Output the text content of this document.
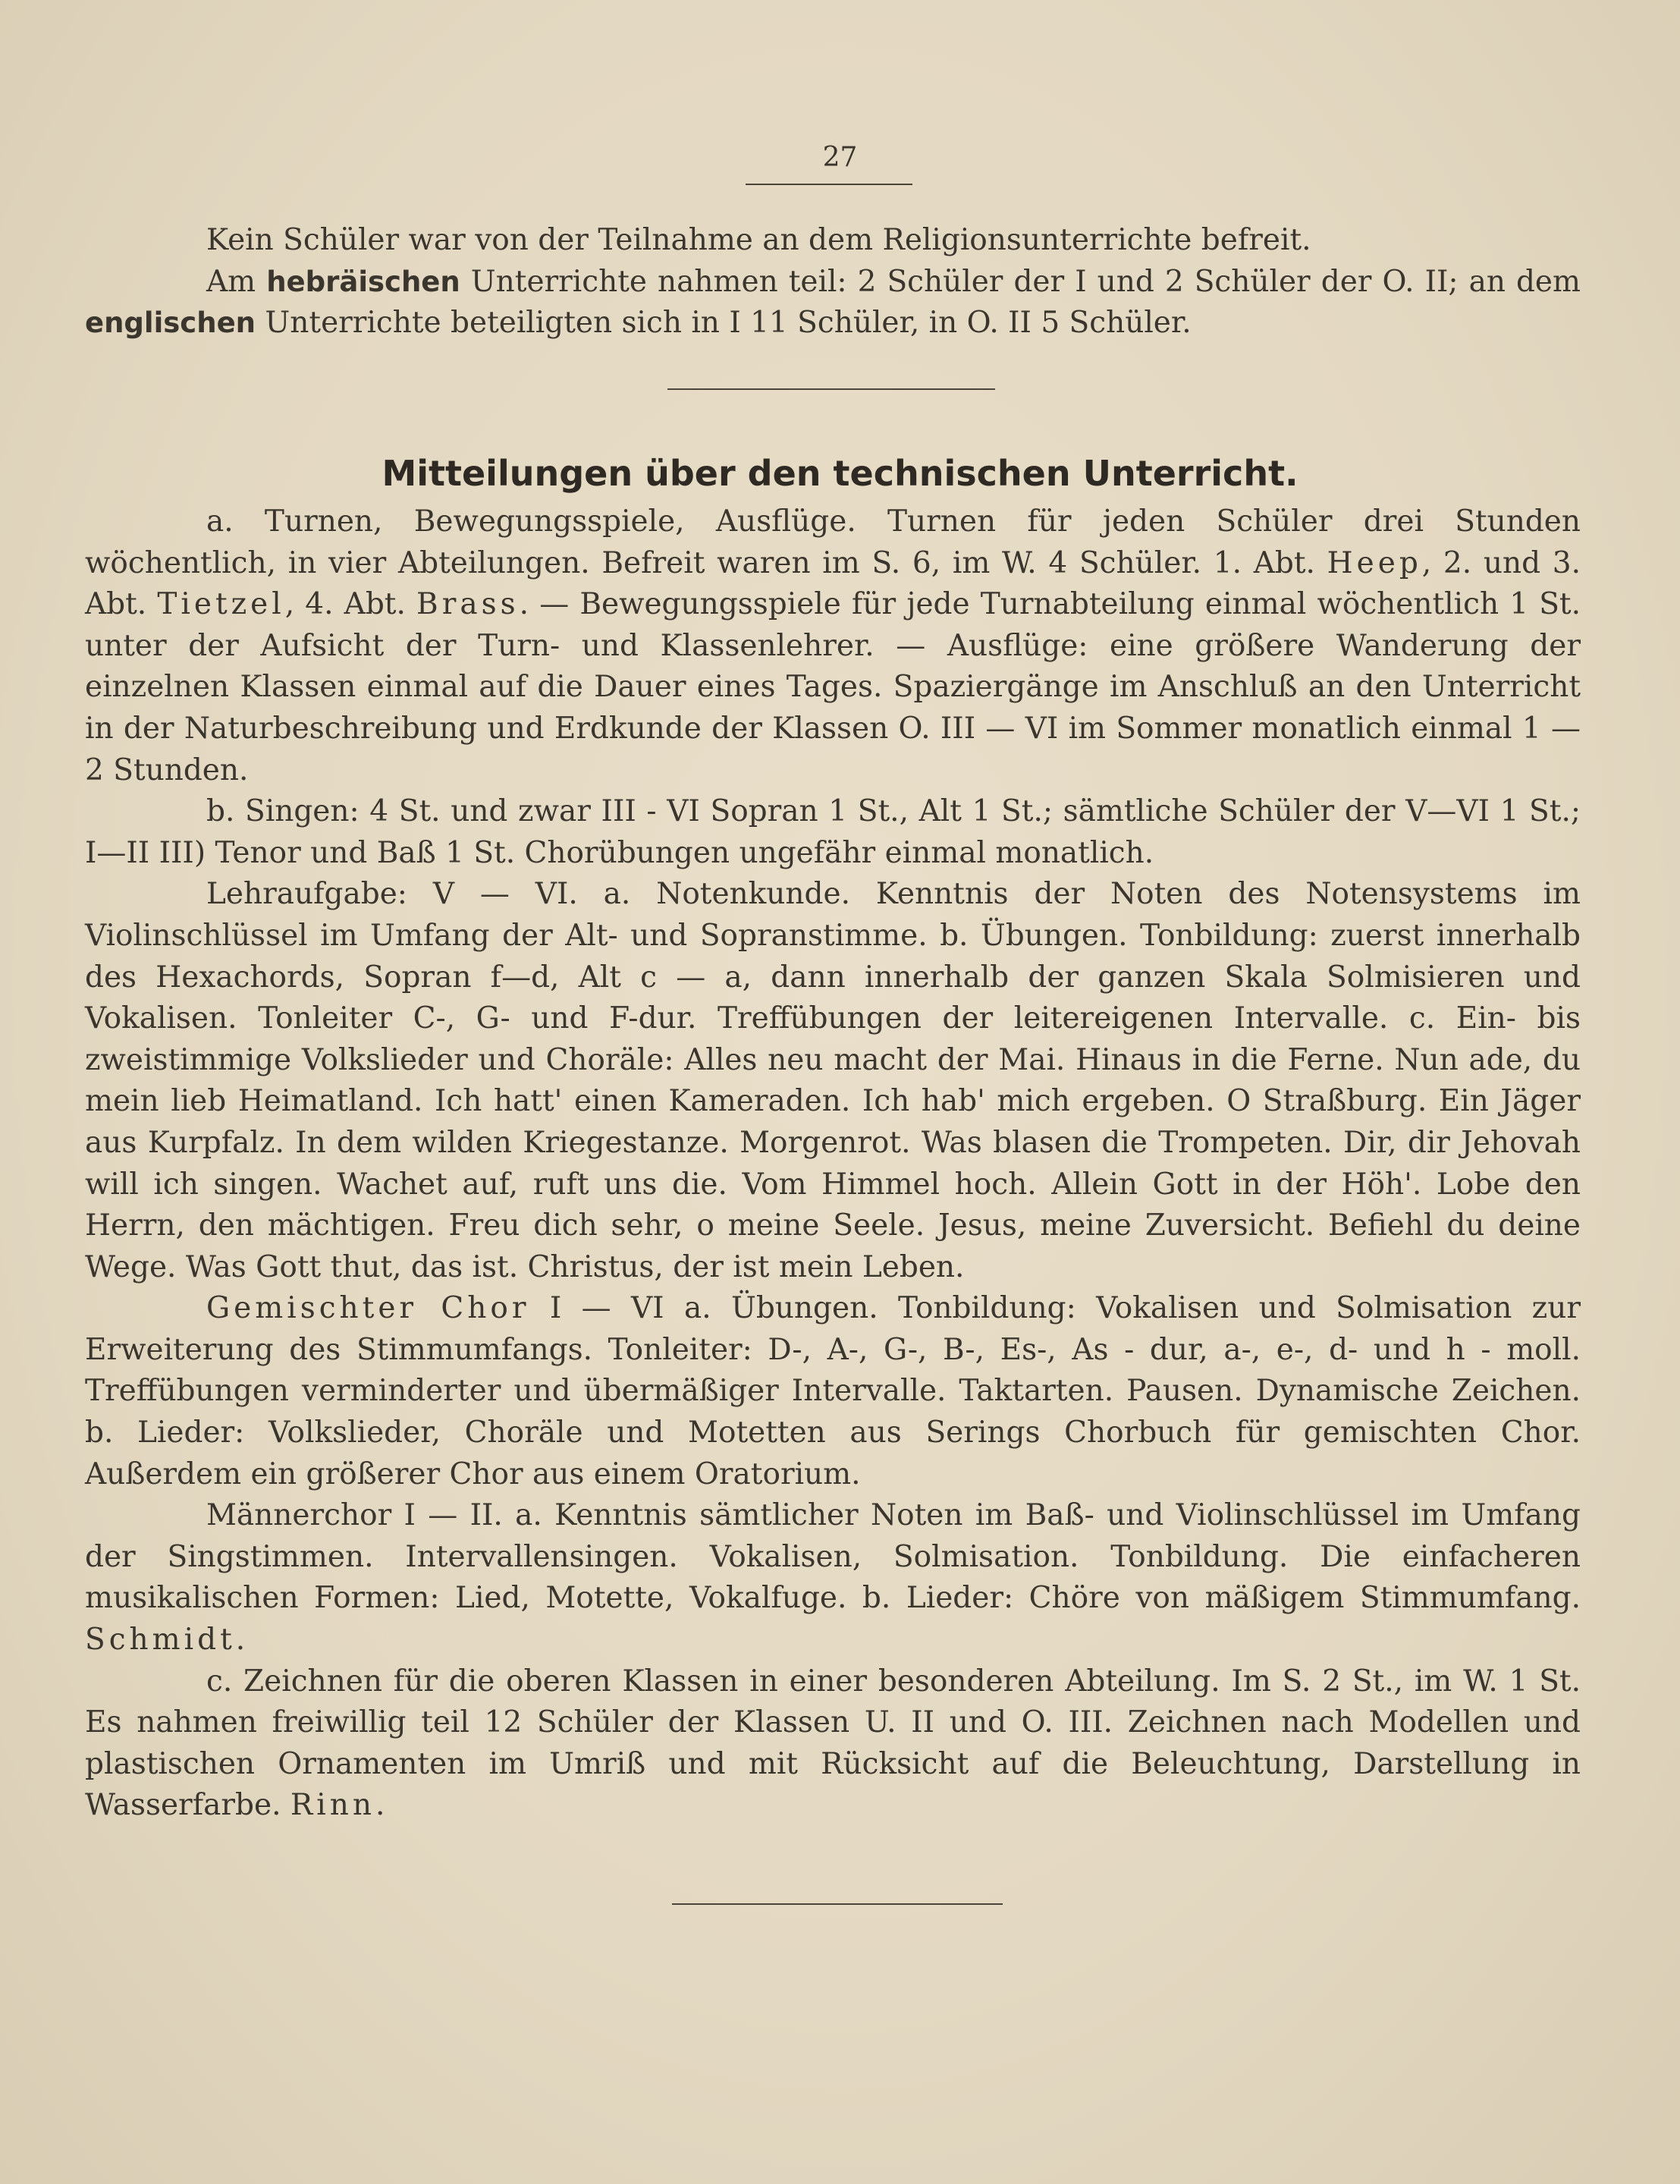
27

Kein Schüler war von der Teilnahme an dem Religionsunterrichte befreit.

Am hebräischen Unterrichte nahmen teil: 2 Schüler der I und 2 Schüler der O. II; an dem englischen Unterrichte beteiligten sich in I 11 Schüler, in O. II 5 Schüler.

Mitteilungen über den technischen Unterricht.

a. Turnen, Bewegungsspiele, Ausflüge. Turnen für jeden Schüler drei Stunden wöchentlich, in vier Abteilungen. Befreit waren im S. 6, im W. 4 Schüler. 1. Abt. Heep, 2. und 3. Abt. Tietzel, 4. Abt. Brass. — Bewegungsspiele für jede Turnabteilung einmal wöchentlich 1 St. unter der Aufsicht der Turn- und Klassenlehrer. — Ausflüge: eine größere Wanderung der einzelnen Klassen einmal auf die Dauer eines Tages. Spaziergänge im Anschluß an den Unterricht in der Naturbeschreibung und Erdkunde der Klassen O. III — VI im Sommer monatlich einmal 1 — 2 Stunden.

b. Singen: 4 St. und zwar III - VI Sopran 1 St., Alt 1 St.; sämtliche Schüler der V—VI 1 St.; I—II III) Tenor und Baß 1 St. Chorübungen ungefähr einmal monatlich.

Lehraufgabe: V — VI. a. Notenkunde. Kenntnis der Noten des Notensystems im Violinschlüssel im Umfang der Alt- und Sopranstimme. b. Übungen. Tonbildung: zuerst innerhalb des Hexachords, Sopran f—d, Alt c — a, dann innerhalb der ganzen Skala Solmisieren und Vokalisen. Tonleiter C-, G- und F-dur. Treffübungen der leitereigenen Intervalle. c. Ein- bis zweistimmige Volkslieder und Choräle: Alles neu macht der Mai. Hinaus in die Ferne. Nun ade, du mein lieb Heimatland. Ich hatt' einen Kameraden. Ich hab' mich ergeben. O Straßburg. Ein Jäger aus Kurpfalz. In dem wilden Kriegestanze. Morgenrot. Was blasen die Trompeten. Dir, dir Jehovah will ich singen. Wachet auf, ruft uns die. Vom Himmel hoch. Allein Gott in der Höh'. Lobe den Herrn, den mächtigen. Freu dich sehr, o meine Seele. Jesus, meine Zuversicht. Befiehl du deine Wege. Was Gott thut, das ist. Christus, der ist mein Leben.

Gemischter Chor I — VI a. Übungen. Tonbildung: Vokalisen und Solmisation zur Erweiterung des Stimmumfangs. Tonleiter: D-, A-, G-, B-, Es-, As - dur, a-, e-, d- und h - moll. Treffübungen verminderter und übermäßiger Intervalle. Taktarten. Pausen. Dynamische Zeichen. b. Lieder: Volkslieder, Choräle und Motetten aus Serings Chorbuch für gemischten Chor. Außerdem ein größerer Chor aus einem Oratorium.

Männerchor I — II. a. Kenntnis sämtlicher Noten im Baß- und Violinschlüssel im Umfang der Singstimmen. Intervallensingen. Vokalisen, Solmisation. Tonbildung. Die einfacheren musikalischen Formen: Lied, Motette, Vokalfuge. b. Lieder: Chöre von mäßigem Stimmumfang. Schmidt.

c. Zeichnen für die oberen Klassen in einer besonderen Abteilung. Im S. 2 St., im W. 1 St. Es nahmen freiwillig teil 12 Schüler der Klassen U. II und O. III. Zeichnen nach Modellen und plastischen Ornamenten im Umriß und mit Rücksicht auf die Beleuchtung, Darstellung in Wasserfarbe. Rinn.
